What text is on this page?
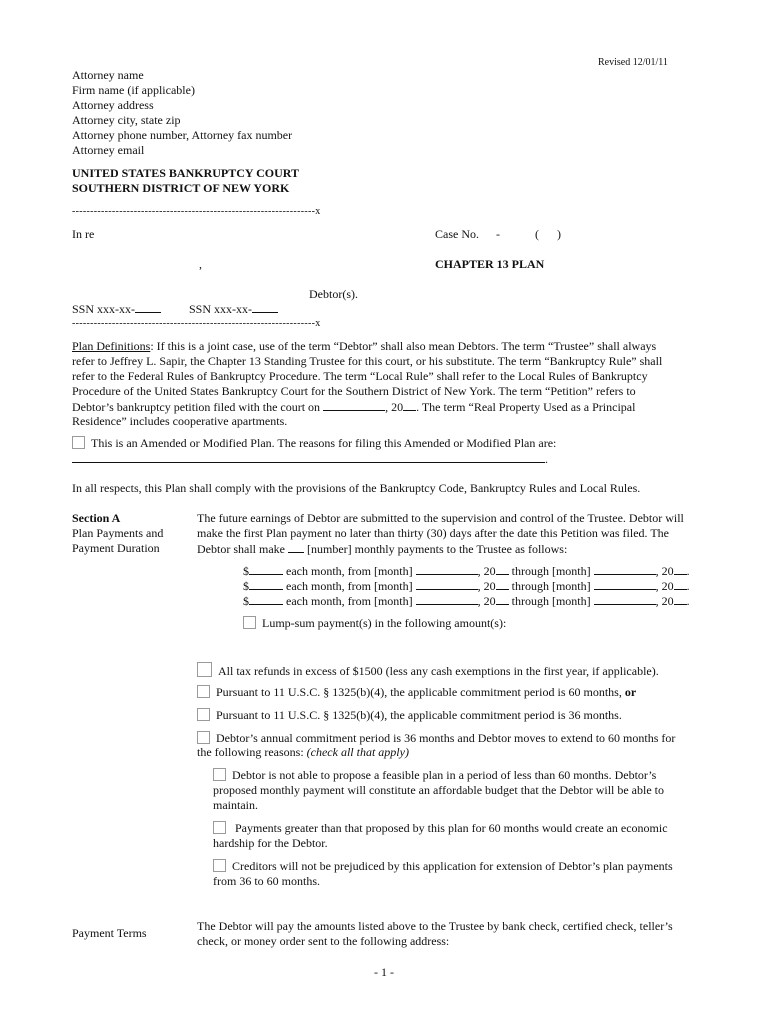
Revised 12/01/11
Attorney name
Firm name (if applicable)
Attorney address
Attorney city, state zip
Attorney phone number, Attorney fax number
Attorney email
UNITED STATES BANKRUPTCY COURT
SOUTHERN DISTRICT OF NEW YORK
-------------------------------------------------------------------x
In re	Case No. -	(      )
,	CHAPTER 13 PLAN
Debtor(s).
SSN xxx-xx-	SSN xxx-xx-
-------------------------------------------------------------------x
Plan Definitions: If this is a joint case, use of the term “Debtor” shall also mean Debtors. The term “Trustee” shall always
refer to Jeffrey L. Sapir, the Chapter 13 Standing Trustee for this court, or his substitute. The term “Bankruptcy Rule” shall
refer to the Federal Rules of Bankruptcy Procedure. The term “Local Rule” shall refer to the Local Rules of Bankruptcy
Procedure of the United States Bankruptcy Court for the Southern District of New York. The term “Petition” refers to
Debtor’s bankruptcy petition filed with the court on	, 20 . The term “Real Property Used as a Principal
Residence” includes cooperative apartments.
This is an Amended or Modified Plan. The reasons for filing this Amended or Modified Plan are:
.
In all respects, this Plan shall comply with the provisions of the Bankruptcy Code, Bankruptcy Rules and Local Rules.
Section A
Plan Payments and
Payment Duration
The future earnings of Debtor are submitted to the supervision and control of the Trustee. Debtor will
make the first Plan payment no later than thirty (30) days after the date this Petition was filed. The
Debtor shall make [number] monthly payments to the Trustee as follows:
$	each month, from [month]	, 20 through [month]	, 20 .
$	each month, from [month]	, 20 through [month]	, 20 .
$	each month, from [month]	, 20 through [month]	, 20 .
Lump-sum payment(s) in the following amount(s):
All tax refunds in excess of $1500 (less any cash exemptions in the first year, if applicable).
Pursuant to 11 U.S.C. § 1325(b)(4), the applicable commitment period is 60 months, or
Pursuant to 11 U.S.C. § 1325(b)(4), the applicable commitment period is 36 months.
Debtor’s annual commitment period is 36 months and Debtor moves to extend to 60 months for
the following reasons: (check all that apply)
Debtor is not able to propose a feasible plan in a period of less than 60 months. Debtor’s
proposed monthly payment will constitute an affordable budget that the Debtor will be able to
maintain.
Payments greater than that proposed by this plan for 60 months would create an economic
hardship for the Debtor.
Creditors will not be prejudiced by this application for extension of Debtor’s plan payments
from 36 to 60 months.
Payment Terms	The Debtor will pay the amounts listed above to the Trustee by bank check, certified check, teller’s
check, or money order sent to the following address:
- 1 -
